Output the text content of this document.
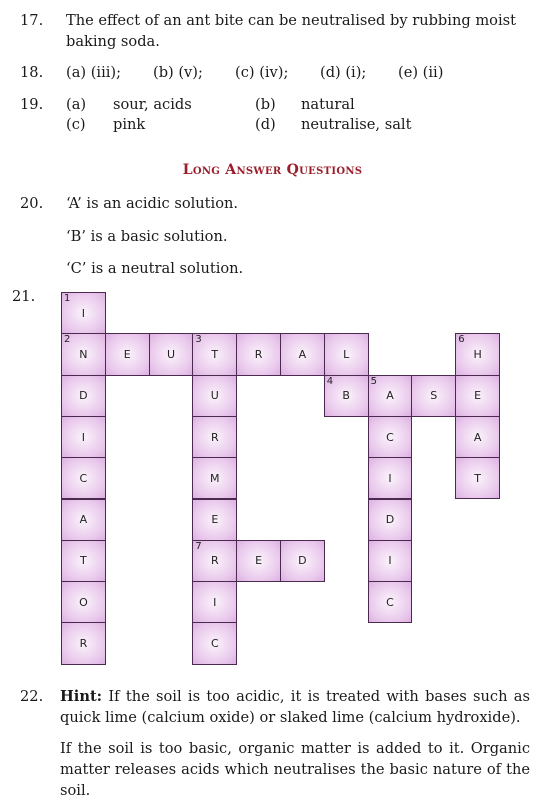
17. The effect of an ant bite can be neutralised by rubbing moist baking soda.
18. (a) (iii); (b) (v); (c) (iv); (d) (i); (e) (ii)
19. (a) sour, acids	(b) natural
(c) pink	(d) neutralise, salt
Long Answer Questions
20. ‘A’ is an acidic solution.
‘B’ is a basic solution.
‘C’ is a neutral solution.
21.
I
1
N
2
D
I
C
A
T
O
R
E	U	T
3
R	A	L
U
R
M
E
R
7
I
C
B
4
A
5
S	E
C
I
D
I
C
H
6
A
T
E	D
22. Hint: If the soil is too acidic, it is treated with bases such as quick lime (calcium oxide) or slaked lime (calcium hydroxide).
If the soil is too basic, organic matter is added to it. Organic matter releases acids which neutralises the basic nature of the soil.
